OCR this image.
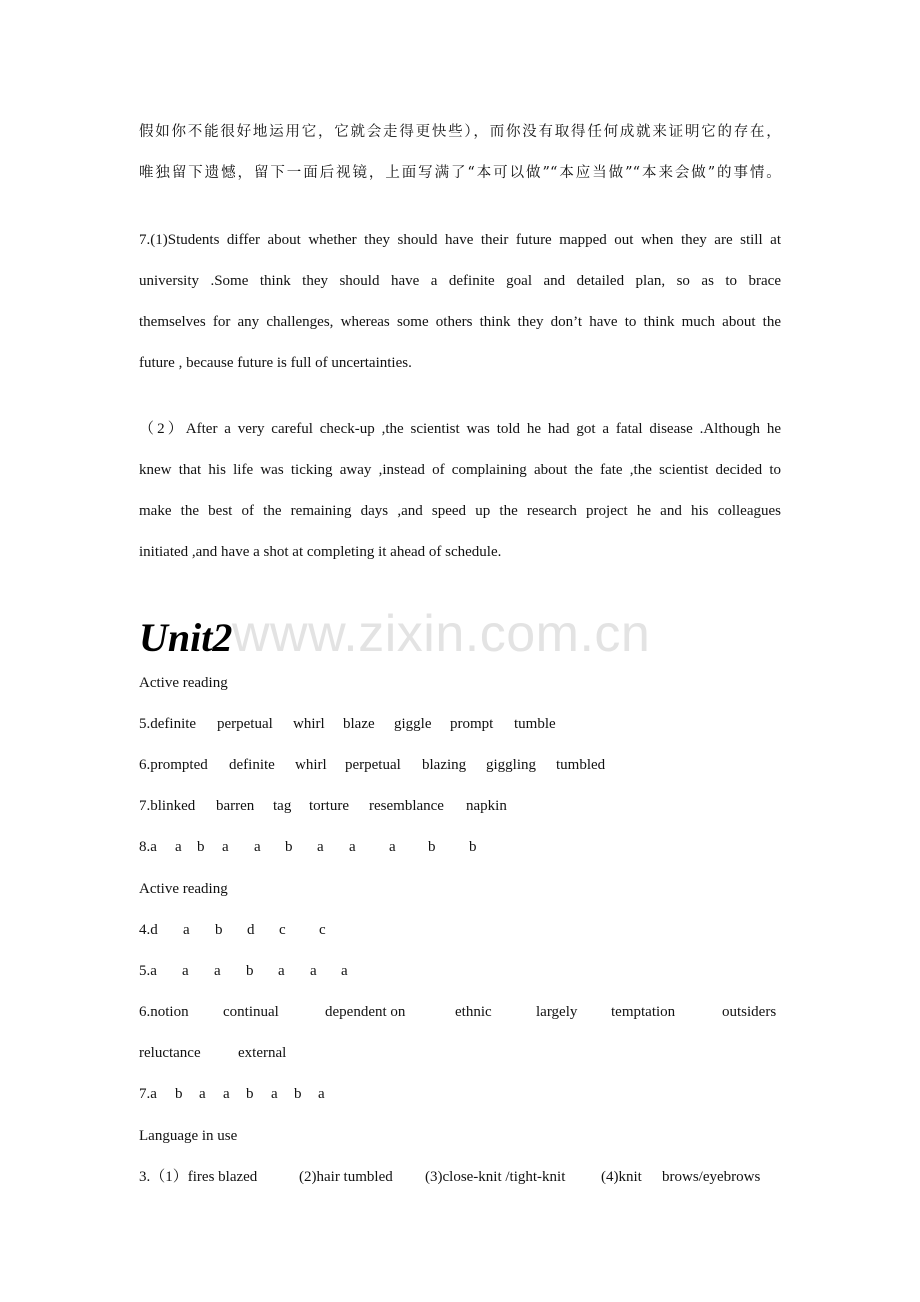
假如你不能很好地运用它，它就会走得更快些），而你没有取得任何成就来证明它的存在，
唯独留下遗憾，留下一面后视镜，上面写满了“本可以做”“本应当做”“本来会做”的事情。
7.(1)Students differ about whether they should have their future mapped out when they are still at
university .Some think they should have a definite goal and detailed plan, so as to brace
themselves for any challenges, whereas some others think they don’t have to think much about the
future , because future is full of uncertainties.
（2）After a very careful check-up ,the scientist was told he had got a fatal disease .Although he
knew that his life was ticking away ,instead of complaining about the fate ,the scientist decided to
make the best of the remaining days ,and speed up the research project he and his colleagues
initiated ,and have a shot at completing it ahead of schedule.
www.zixin.com.cn
Unit2
Active reading
5.definite perpetual whirl blaze giggle prompt tumble
6.prompted definite whirl perpetual blazing giggling tumbled
7.blinked barren tag torture resemblance napkin
8.a a b a a b a a a b b
Active reading
4.d a b d c c
5.a a a b a a a
6.notion continual	dependent on	ethnic	largely temptation	outsiders
reluctance external
7.a b a a b a b a
Language in use
3.（1）fires blazed	(2)hair tumbled (3)close-knit /tight-knit (4)knit brows/eyebrows
